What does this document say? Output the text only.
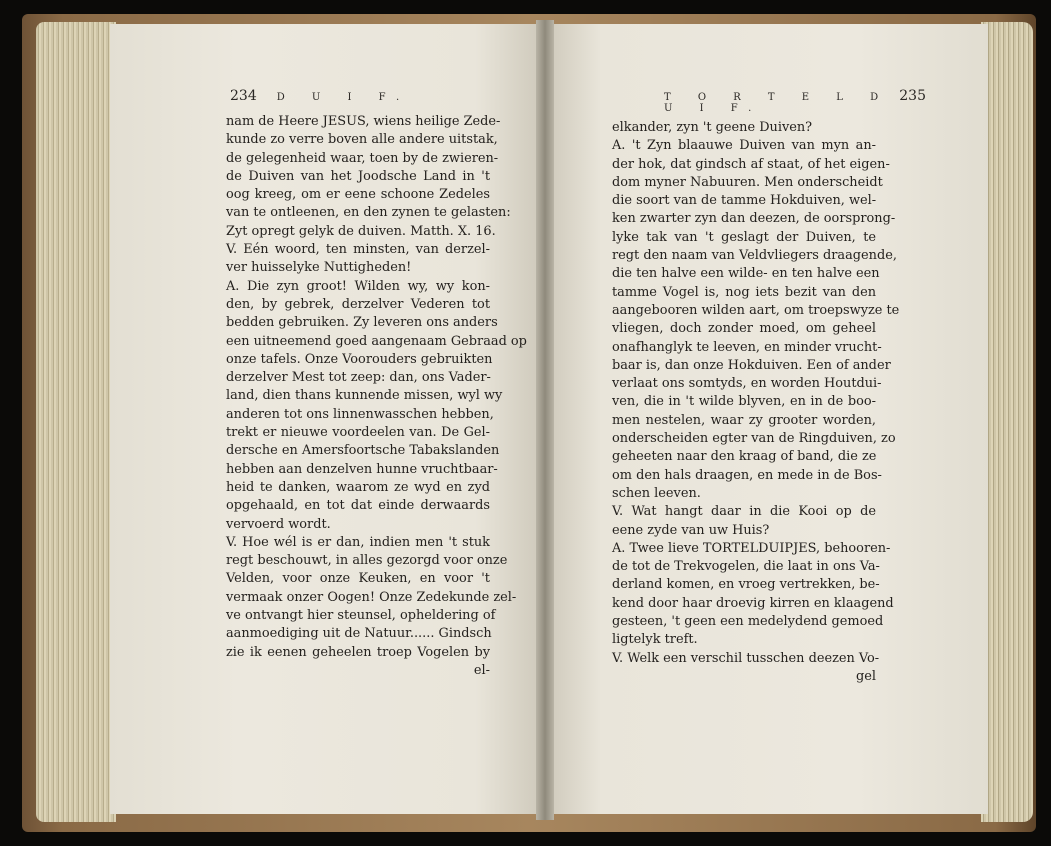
234 D U I F.	T O R T E L D U I F.
235
nam de Heere JESUS, wiens heilige Zede-
kunde zo verre boven alle andere uitstak,
de gelegenheid waar, toen by de zwieren-
de Duiven van het Joodsche Land in 't
oog kreeg, om er eene schoone Zedeles
van te ontleenen, en den zynen te gelasten:
Zyt opregt gelyk de duiven. Matth. X. 16.
V. Eén woord, ten minsten, van derzel-
ver huisselyke Nuttigheden!
A. Die zyn groot! Wilden wy, wy kon-
den, by gebrek, derzelver Vederen tot
bedden gebruiken. Zy leveren ons anders
een uitneemend goed aangenaam Gebraad op
onze tafels. Onze Voorouders gebruikten
derzelver Mest tot zeep: dan, ons Vader-
land, dien thans kunnende missen, wyl wy
anderen tot ons linnenwasschen hebben,
trekt er nieuwe voordeelen van. De Gel-
dersche en Amersfoortsche Tabakslanden
hebben aan denzelven hunne vruchtbaar-
heid te danken, waarom ze wyd en zyd
opgehaald, en tot dat einde derwaards
vervoerd wordt.
V. Hoe wél is er dan, indien men 't stuk
regt beschouwt, in alles gezorgd voor onze
Velden, voor onze Keuken, en voor 't
vermaak onzer Oogen! Onze Zedekunde zel-
ve ontvangt hier steunsel, opheldering of
aanmoediging uit de Natuur...... Gindsch
zie ik eenen geheelen troep Vogelen by
el-
elkander, zyn 't geene Duiven?
A. 't Zyn blaauwe Duiven van myn an-
der hok, dat gindsch af staat, of het eigen-
dom myner Nabuuren. Men onderscheidt
die soort van de tamme Hokduiven, wel-
ken zwarter zyn dan deezen, de oorsprong-
lyke tak van 't geslagt der Duiven, te
regt den naam van Veldvliegers draagende,
die ten halve een wilde- en ten halve een
tamme Vogel is, nog iets bezit van den
aangebooren wilden aart, om troepswyze te
vliegen, doch zonder moed, om geheel
onafhanglyk te leeven, en minder vrucht-
baar is, dan onze Hokduiven. Een of ander
verlaat ons somtyds, en worden Houtdui-
ven, die in 't wilde blyven, en in de boo-
men nestelen, waar zy grooter worden,
onderscheiden egter van de Ringduiven, zo
geheeten naar den kraag of band, die ze
om den hals draagen, en mede in de Bos-
schen leeven.
V. Wat hangt daar in die Kooi op de
eene zyde van uw Huis?
A. Twee lieve TORTELDUIPJES, behooren-
de tot de Trekvogelen, die laat in ons Va-
derland komen, en vroeg vertrekken, be-
kend door haar droevig kirren en klaagend
gesteen, 't geen een medelydend gemoed
ligtelyk treft.
V. Welk een verschil tusschen deezen Vo-
gel
